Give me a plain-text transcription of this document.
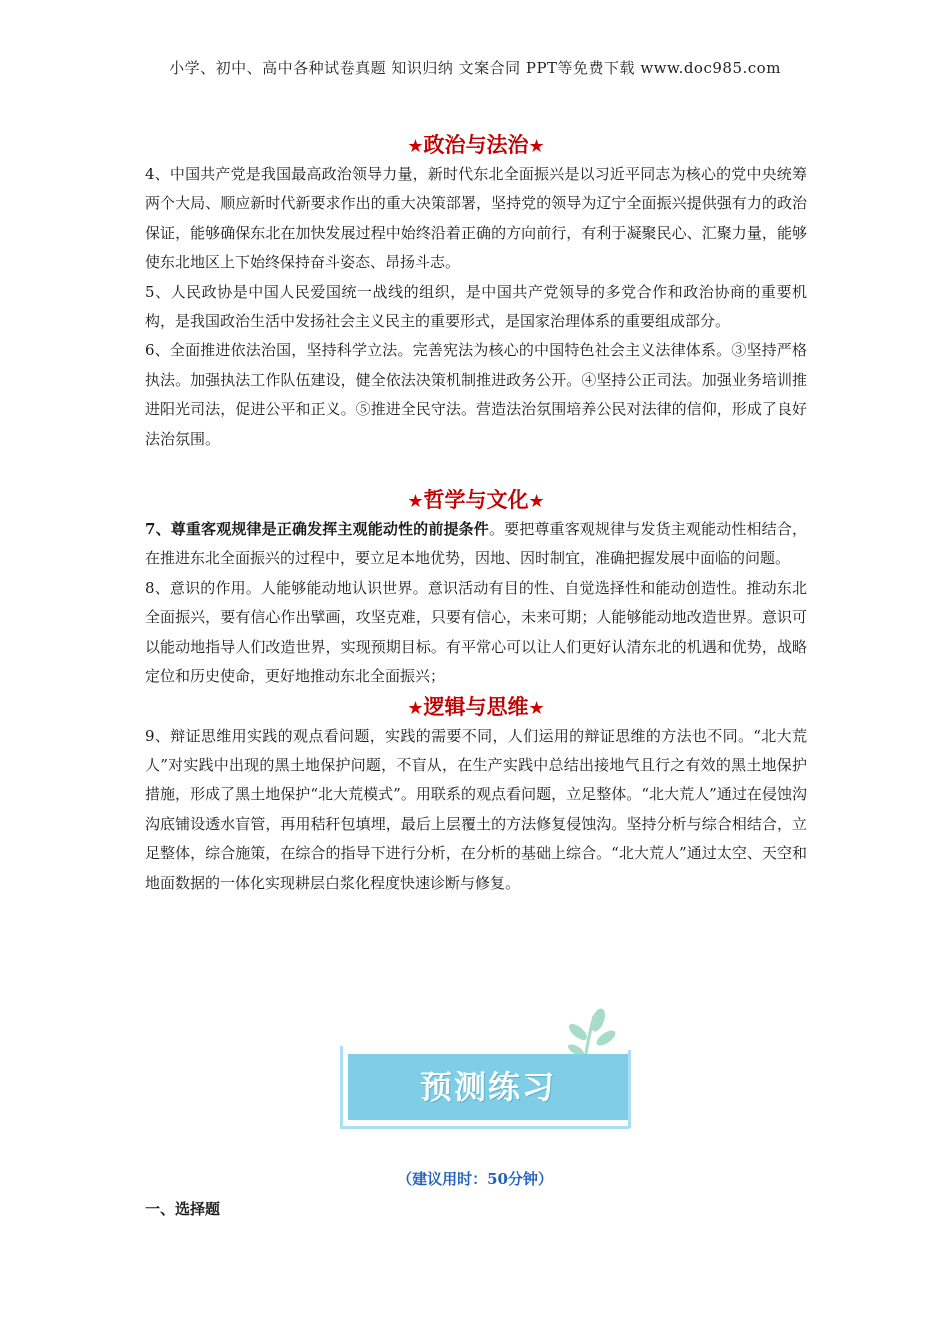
小学、初中、高中各种试卷真题 知识归纳 文案合同 PPT等免费下载 www.doc985.com
★政治与法治★

4、中国共产党是我国最高政治领导力量，新时代东北全面振兴是以习近平同志为核心的党中央统筹两个大局、顺应新时代新要求作出的重大决策部署，坚持党的领导为辽宁全面振兴提供强有力的政治保证，能够确保东北在加快发展过程中始终沿着正确的方向前行，有利于凝聚民心、汇聚力量，能够使东北地区上下始终保持奋斗姿态、昂扬斗志。

5、人民政协是中国人民爱国统一战线的组织，是中国共产党领导的多党合作和政治协商的重要机构，是我国政治生活中发扬社会主义民主的重要形式，是国家治理体系的重要组成部分。

6、全面推进依法治国，坚持科学立法。完善宪法为核心的中国特色社会主义法律体系。③坚持严格执法。加强执法工作队伍建设，健全依法决策机制推进政务公开。④坚持公正司法。加强业务培训推进阳光司法，促进公平和正义。⑤推进全民守法。营造法治氛围培养公民对法律的信仰，形成了良好法治氛围。

★哲学与文化★

7、尊重客观规律是正确发挥主观能动性的前提条件。要把尊重客观规律与发货主观能动性相结合，在推进东北全面振兴的过程中，要立足本地优势，因地、因时制宜，准确把握发展中面临的问题。

8、意识的作用。人能够能动地认识世界。意识活动有目的性、自觉选择性和能动创造性。推动东北全面振兴，要有信心作出擘画，攻坚克难，只要有信心，未来可期；人能够能动地改造世界。意识可以能动地指导人们改造世界，实现预期目标。有平常心可以让人们更好认清东北的机遇和优势，战略定位和历史使命，更好地推动东北全面振兴；

★逻辑与思维★

9、辩证思维用实践的观点看问题，实践的需要不同，人们运用的辩证思维的方法也不同。“北大荒人”对实践中出现的黑土地保护问题，不盲从，在生产实践中总结出接地气且行之有效的黑土地保护措施，形成了黑土地保护“北大荒模式”。用联系的观点看问题，立足整体。“北大荒人”通过在侵蚀沟沟底铺设透水盲管，再用秸秆包填埋，最后上层覆土的方法修复侵蚀沟。坚持分析与综合相结合，立足整体，综合施策，在综合的指导下进行分析，在分析的基础上综合。“北大荒人”通过太空、天空和地面数据的一体化实现耕层白浆化程度快速诊断与修复。

预测练习
（建议用时：50分钟）
一、选择题
